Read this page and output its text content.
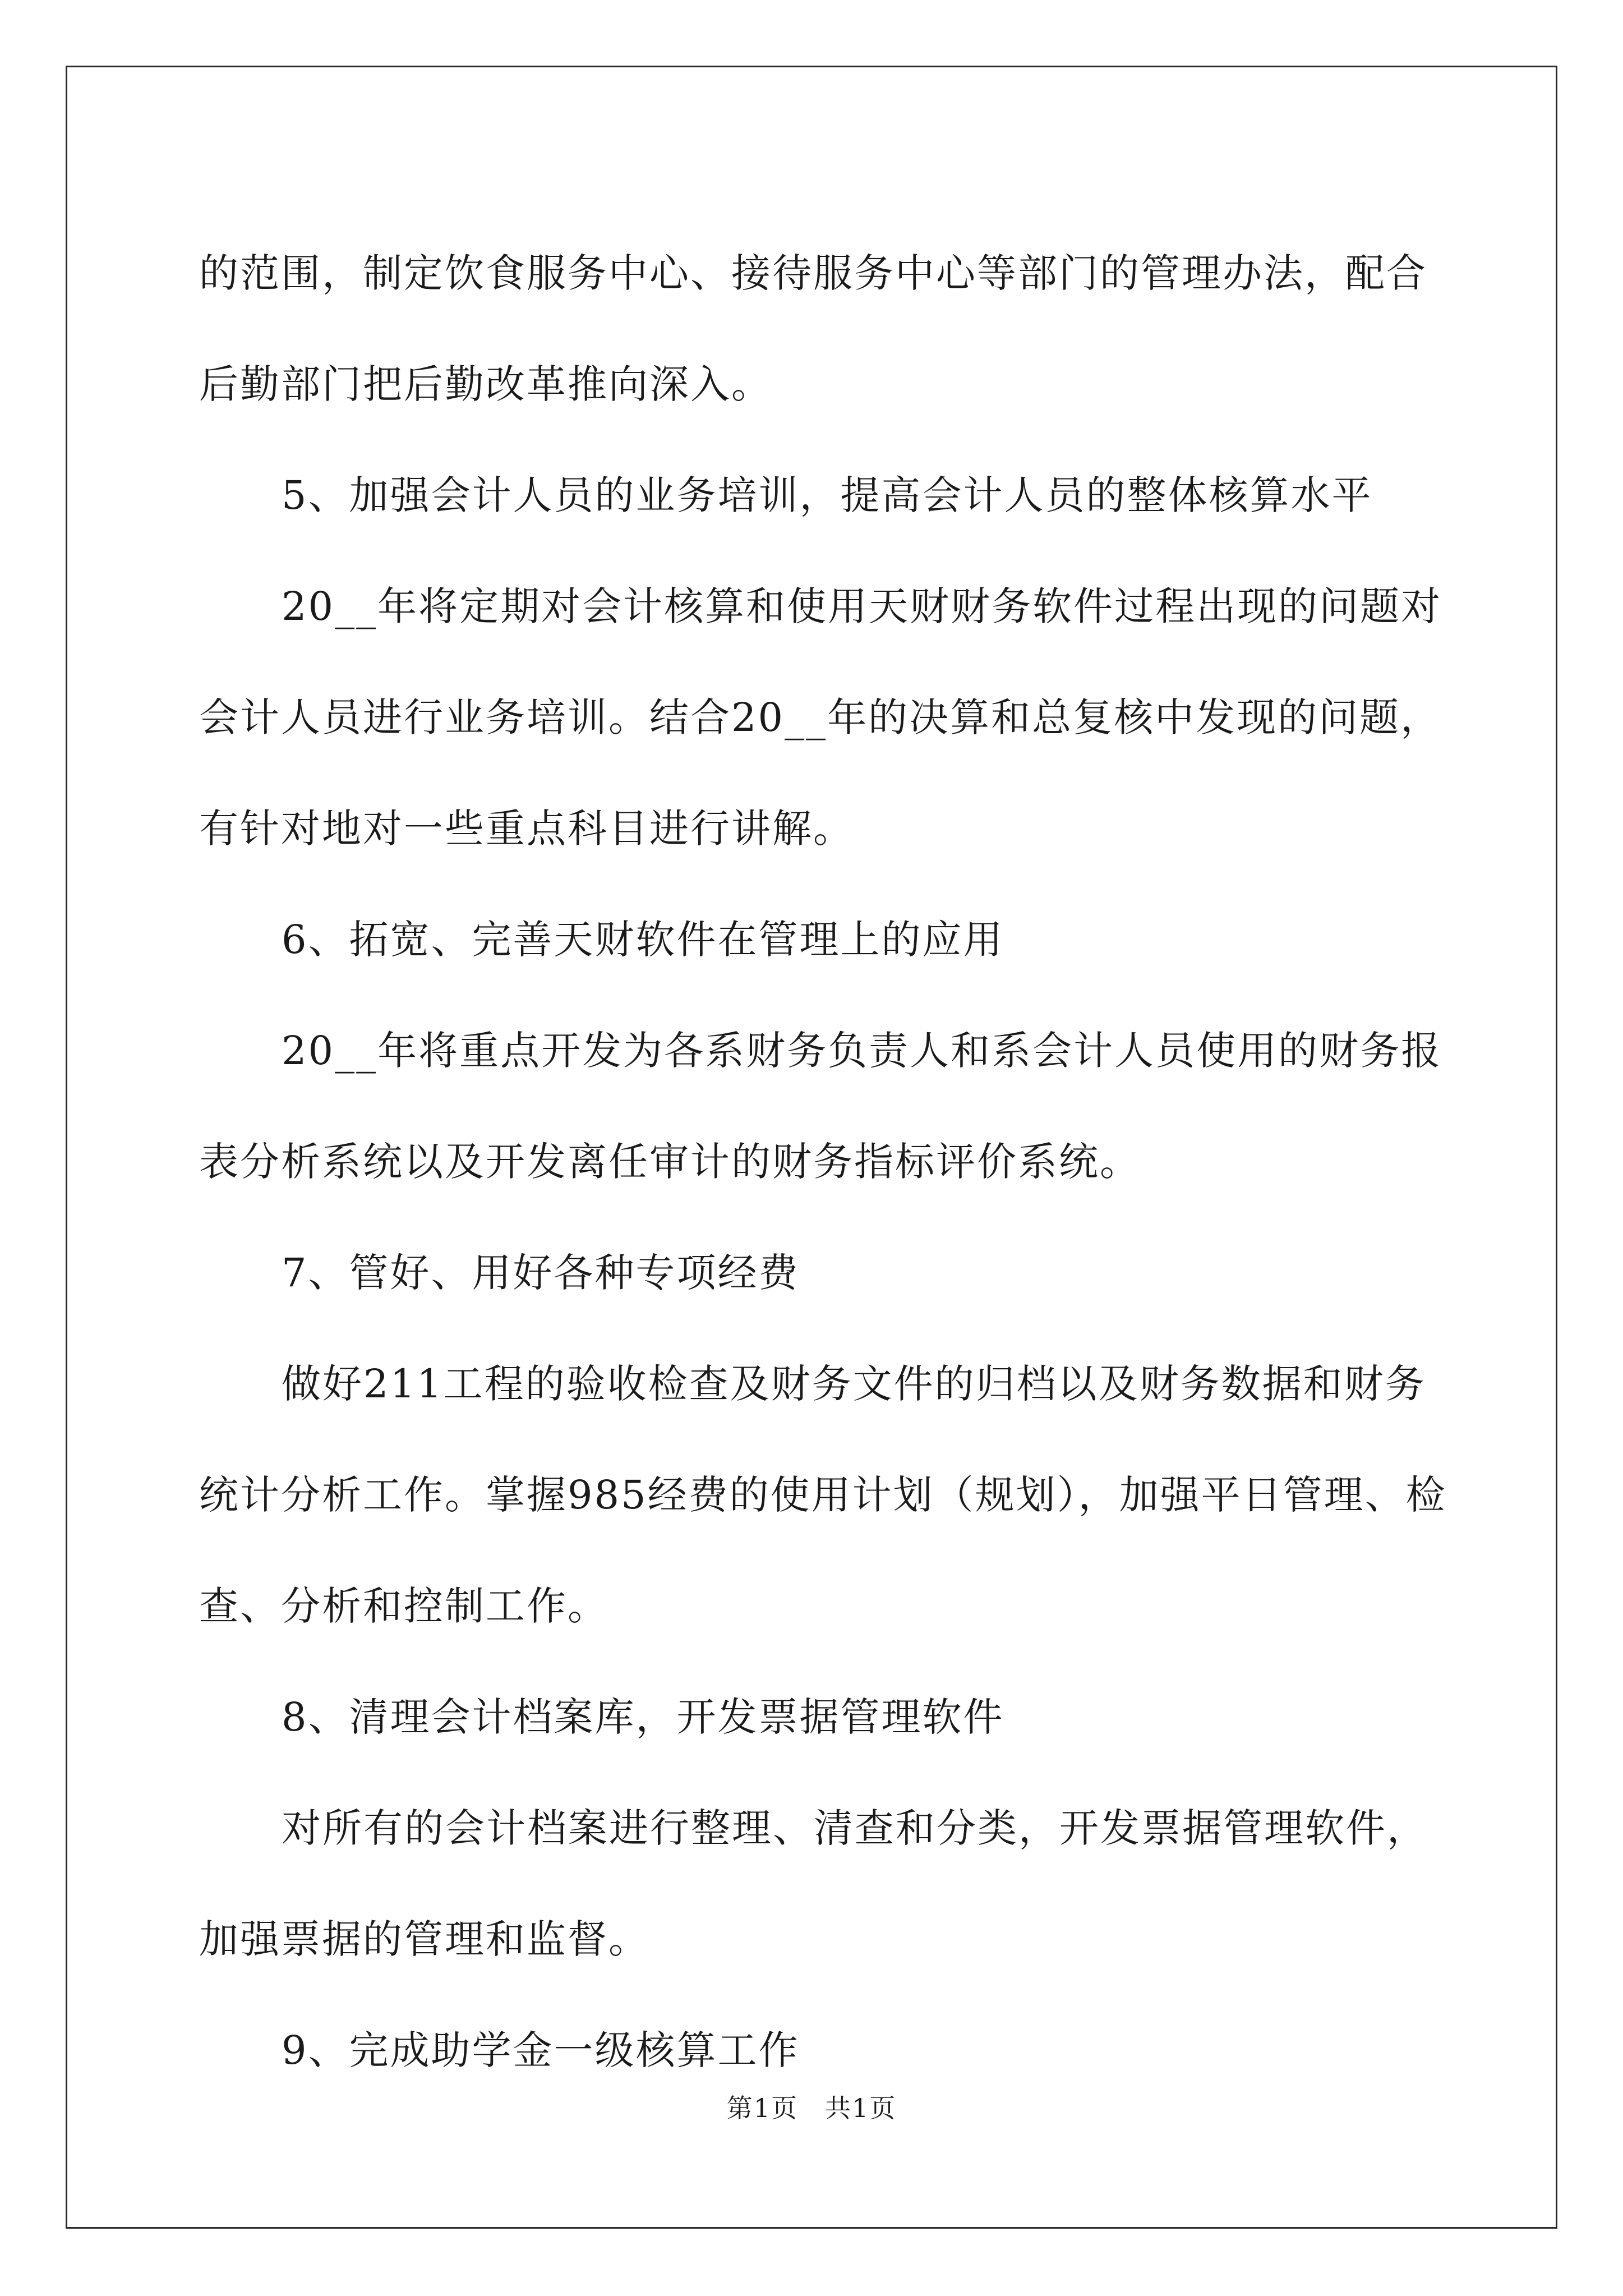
的范围，制定饮食服务中心、接待服务中心等部门的管理办法，配合后勤部门把后勤改革推向深入。

5、加强会计人员的业务培训，提高会计人员的整体核算水平

20__年将定期对会计核算和使用天财财务软件过程出现的问题对会计人员进行业务培训。结合20__年的决算和总复核中发现的问题，有针对地对一些重点科目进行讲解。

6、拓宽、完善天财软件在管理上的应用

20__年将重点开发为各系财务负责人和系会计人员使用的财务报表分析系统以及开发离任审计的财务指标评价系统。

7、管好、用好各种专项经费

做好211工程的验收检查及财务文件的归档以及财务数据和财务统计分析工作。掌握985经费的使用计划（规划），加强平日管理、检查、分析和控制工作。

8、清理会计档案库，开发票据管理软件

对所有的会计档案进行整理、清查和分类，开发票据管理软件，加强票据的管理和监督。

9、完成助学金一级核算工作

第1页　共1页
